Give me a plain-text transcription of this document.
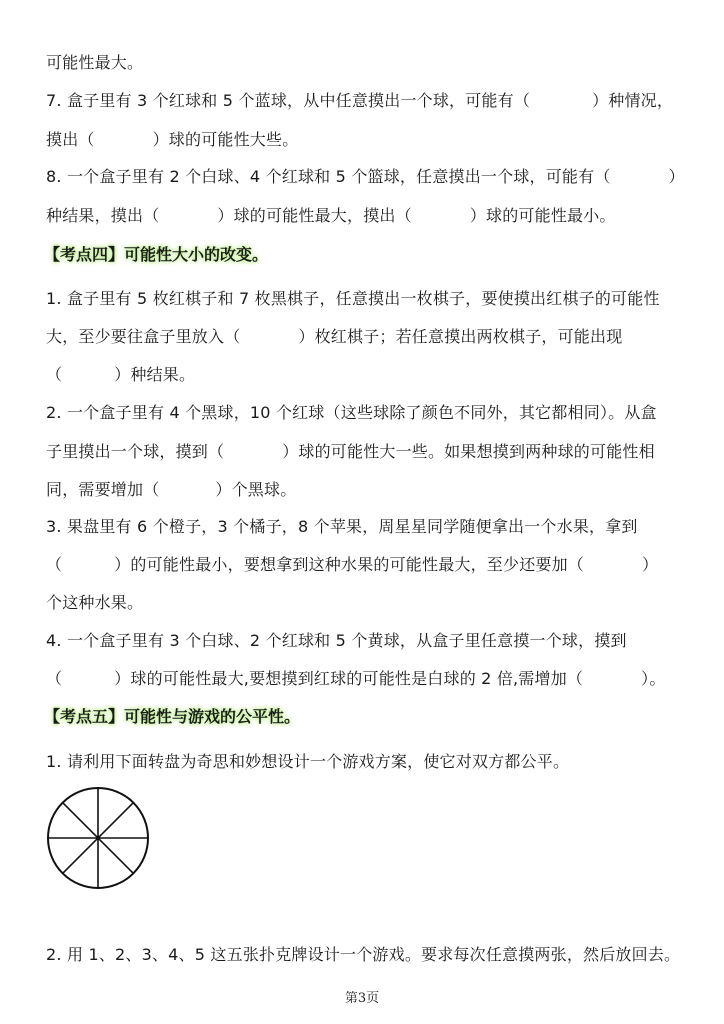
可能性最大。
7. 盒子里有 3 个红球和 5 个蓝球，从中任意摸出一个球，可能有（	）种情况，
摸出（	）球的可能性大些。
8. 一个盒子里有 2 个白球、4 个红球和 5 个篮球，任意摸出一个球，可能有（	）
种结果，摸出（	）球的可能性最大，摸出（	）球的可能性最小。
【考点四】可能性大小的改变。
1. 盒子里有 5 枚红棋子和 7 枚黑棋子，任意摸出一枚棋子，要使摸出红棋子的可能性
大，至少要往盒子里放入（	）枚红棋子；若任意摸出两枚棋子，可能出现
（	）种结果。
2. 一个盒子里有 4 个黑球，10 个红球（这些球除了颜色不同外，其它都相同）。从盒
子里摸出一个球，摸到（	）球的可能性大一些。如果想摸到两种球的可能性相
同，需要增加（	）个黑球。
3. 果盘里有 6 个橙子，3 个橘子，8 个苹果，周星星同学随便拿出一个水果，拿到
（	）的可能性最小，要想拿到这种水果的可能性最大，至少还要加（	）
个这种水果。
4. 一个盒子里有 3 个白球、2 个红球和 5 个黄球，从盒子里任意摸一个球，摸到
（	）球的可能性最大,要想摸到红球的可能性是白球的 2 倍,需增加（	）。
【考点五】可能性与游戏的公平性。
1. 请利用下面转盘为奇思和妙想设计一个游戏方案，使它对双方都公平。
2. 用 1、2、3、4、5 这五张扑克牌设计一个游戏。要求每次任意摸两张，然后放回去。
第3页
